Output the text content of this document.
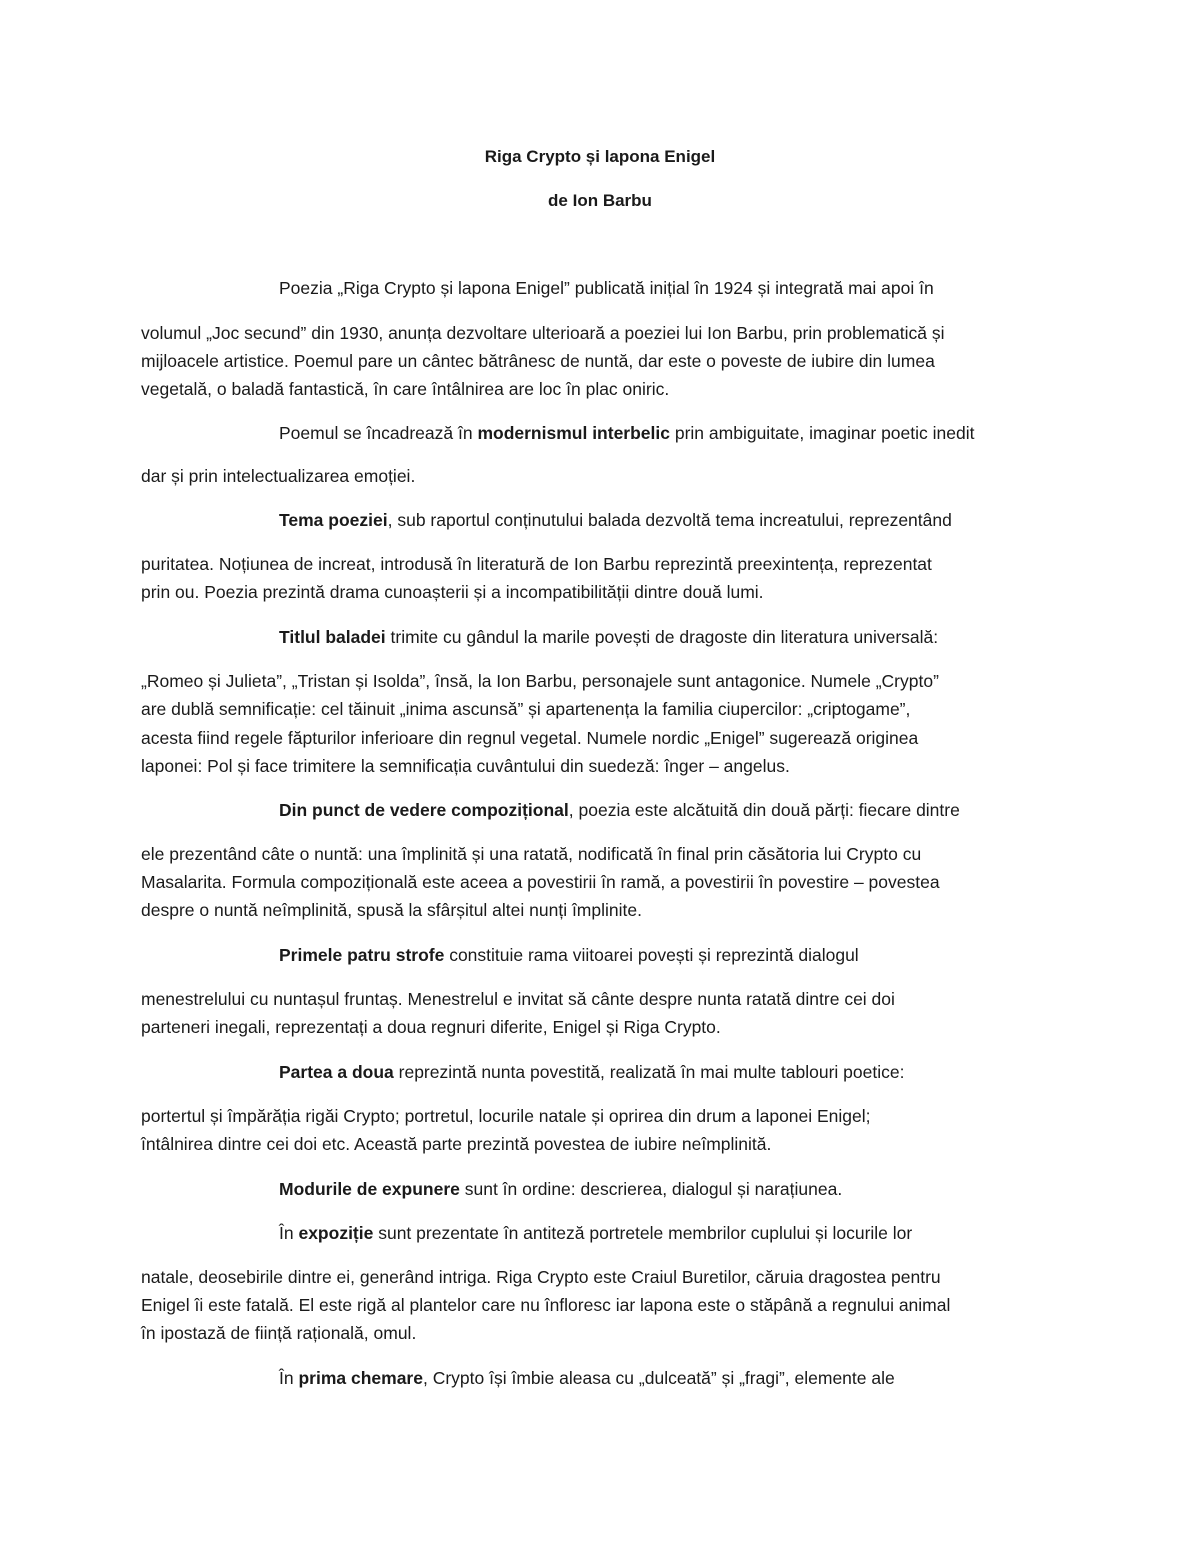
Riga Crypto și lapona Enigel
de Ion Barbu
Poezia „Riga Crypto și lapona Enigel” publicată inițial în 1924 și integrată mai apoi în
volumul „Joc secund” din 1930, anunța dezvoltare ulterioară a poeziei lui Ion Barbu, prin problematică și
mijloacele artistice. Poemul pare un cântec bătrânesc de nuntă, dar este o poveste de iubire din lumea
vegetală, o baladă fantastică, în care întâlnirea are loc în plac oniric.
Poemul se încadrează în modernismul interbelic prin ambiguitate, imaginar poetic inedit
dar și prin intelectualizarea emoției.
Tema poeziei, sub raportul conținutului balada dezvoltă tema increatului, reprezentând
puritatea. Noțiunea de increat, introdusă în literatură de Ion Barbu reprezintă preexintența, reprezentat
prin ou. Poezia prezintă drama cunoașterii și a incompatibilității dintre două lumi.
Titlul baladei trimite cu gândul la marile povești de dragoste din literatura universală:
„Romeo și Julieta”, „Tristan și Isolda”, însă, la Ion Barbu, personajele sunt antagonice. Numele „Crypto”
are dublă semnificație: cel tăinuit „inima ascunsă” și apartenența la familia ciupercilor: „criptogame”,
acesta fiind regele făpturilor inferioare din regnul vegetal. Numele nordic „Enigel” sugerează originea
laponei: Pol și face trimitere la semnificația cuvântului din suedeză: înger – angelus.
Din punct de vedere compozițional, poezia este alcătuită din două părți: fiecare dintre
ele prezentând câte o nuntă: una împlinită și una ratată, nodificată în final prin căsătoria lui Crypto cu
Masalarita. Formula compozițională este aceea a povestirii în ramă, a povestirii în povestire – povestea
despre o nuntă neîmplinită, spusă la sfârșitul altei nunți împlinite.
Primele patru strofe constituie rama viitoarei povești și reprezintă dialogul
menestrelului cu nuntașul fruntaș. Menestrelul e invitat să cânte despre nunta ratată dintre cei doi
parteneri inegali, reprezentați a doua regnuri diferite, Enigel și Riga Crypto.
Partea a doua reprezintă nunta povestită, realizată în mai multe tablouri poetice:
portertul și împărăția rigăi Crypto; portretul, locurile natale și oprirea din drum a laponei Enigel;
întâlnirea dintre cei doi etc. Această parte prezintă povestea de iubire neîmplinită.
Modurile de expunere sunt în ordine: descrierea, dialogul și narațiunea.
În expoziție sunt prezentate în antiteză portretele membrilor cuplului și locurile lor
natale, deosebirile dintre ei, generând intriga. Riga Crypto este Craiul Buretilor, căruia dragostea pentru
Enigel îi este fatală. El este rigă al plantelor care nu înfloresc iar lapona este o stăpână a regnului animal
în ipostază de ființă rațională, omul.
În prima chemare, Crypto își îmbie aleasa cu „dulceată” și „fragi”, elemente ale
